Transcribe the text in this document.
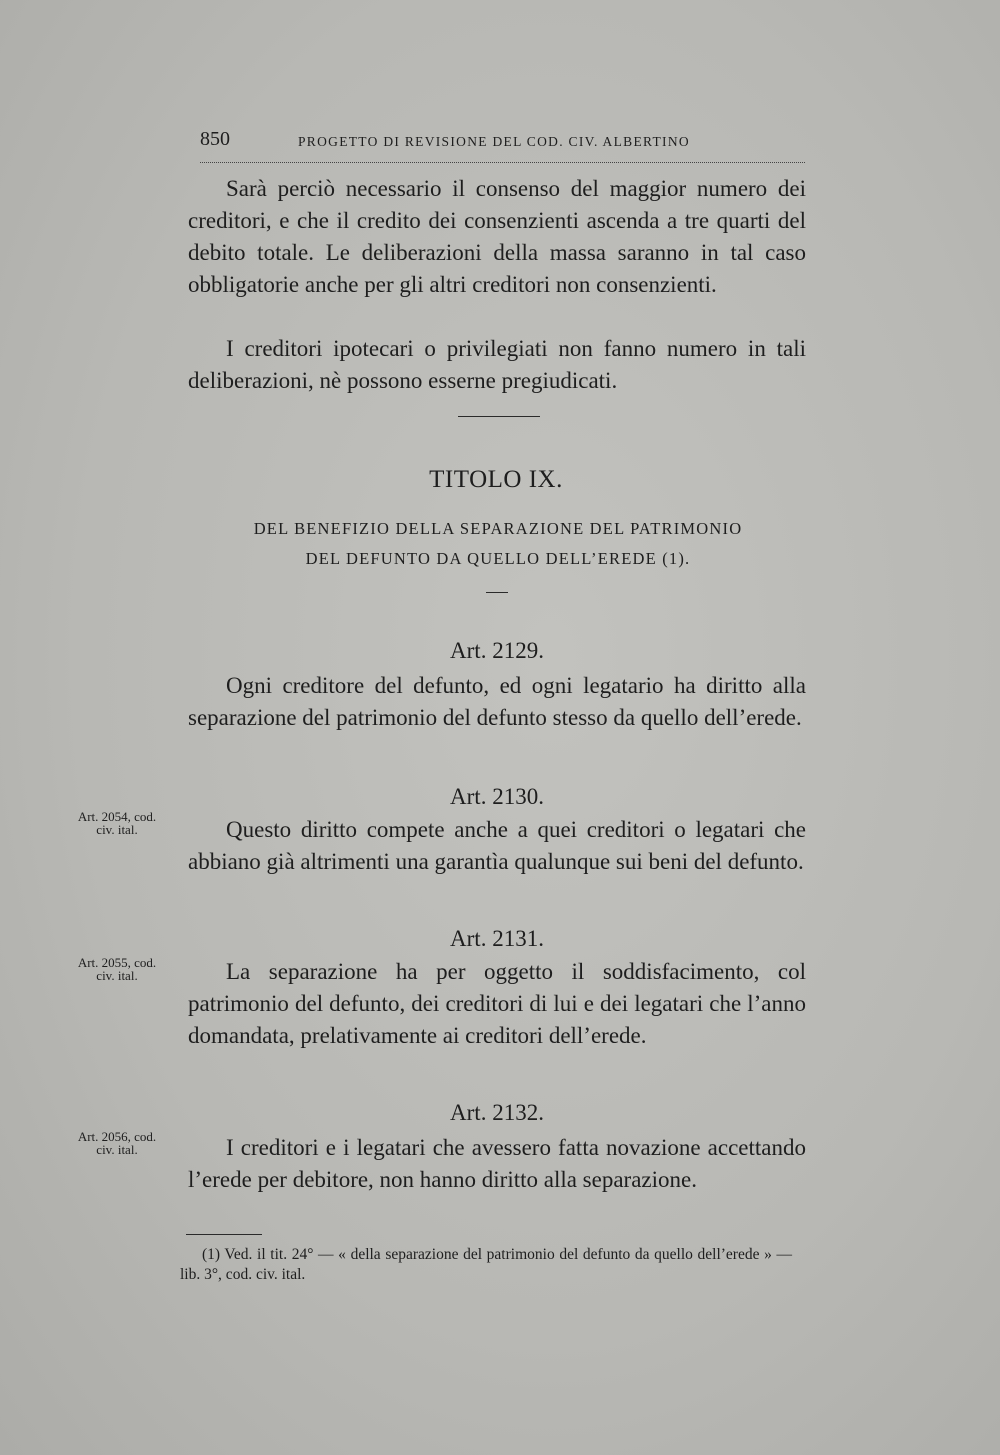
850	PROGETTO DI REVISIONE DEL COD. CIV. ALBERTINO

Sarà perciò necessario il consenso del maggior numero dei creditori, e che il credito dei consenzienti ascenda a tre quarti del debito totale. Le deliberazioni della massa saranno in tal caso obbligatorie anche per gli altri creditori non consenzienti.

I creditori ipotecari o privilegiati non fanno numero in tali deliberazioni, nè possono esserne pregiudicati.

TITOLO IX.
DEL BENEFIZIO DELLA SEPARAZIONE DEL PATRIMONIO
DEL DEFUNTO DA QUELLO DELL’EREDE (1).
Art. 2129.

Ogni creditore del defunto, ed ogni legatario ha diritto alla separazione del patrimonio del defunto stesso da quello dell’erede.

Art. 2130.
Art. 2054, cod.
civ. ital.	Questo diritto compete anche a quei creditori o legatari che abbiano già altrimenti una garantìa qualunque sui beni del defunto.

Art. 2131.
Art. 2055, cod.
civ. ital.	La separazione ha per oggetto il soddisfacimento, col patrimonio del defunto, dei creditori di lui e dei legatari che l’anno domandata, prelativamente ai creditori dell’erede.

Art. 2132.
Art. 2056, cod.
civ. ital.	I creditori e i legatari che avessero fatta novazione accettando l’erede per debitore, non hanno diritto alla separazione.

(1) Ved. il tit. 24° — « della separazione del patrimonio del defunto da quello dell’erede » — lib. 3°, cod. civ. ital.
